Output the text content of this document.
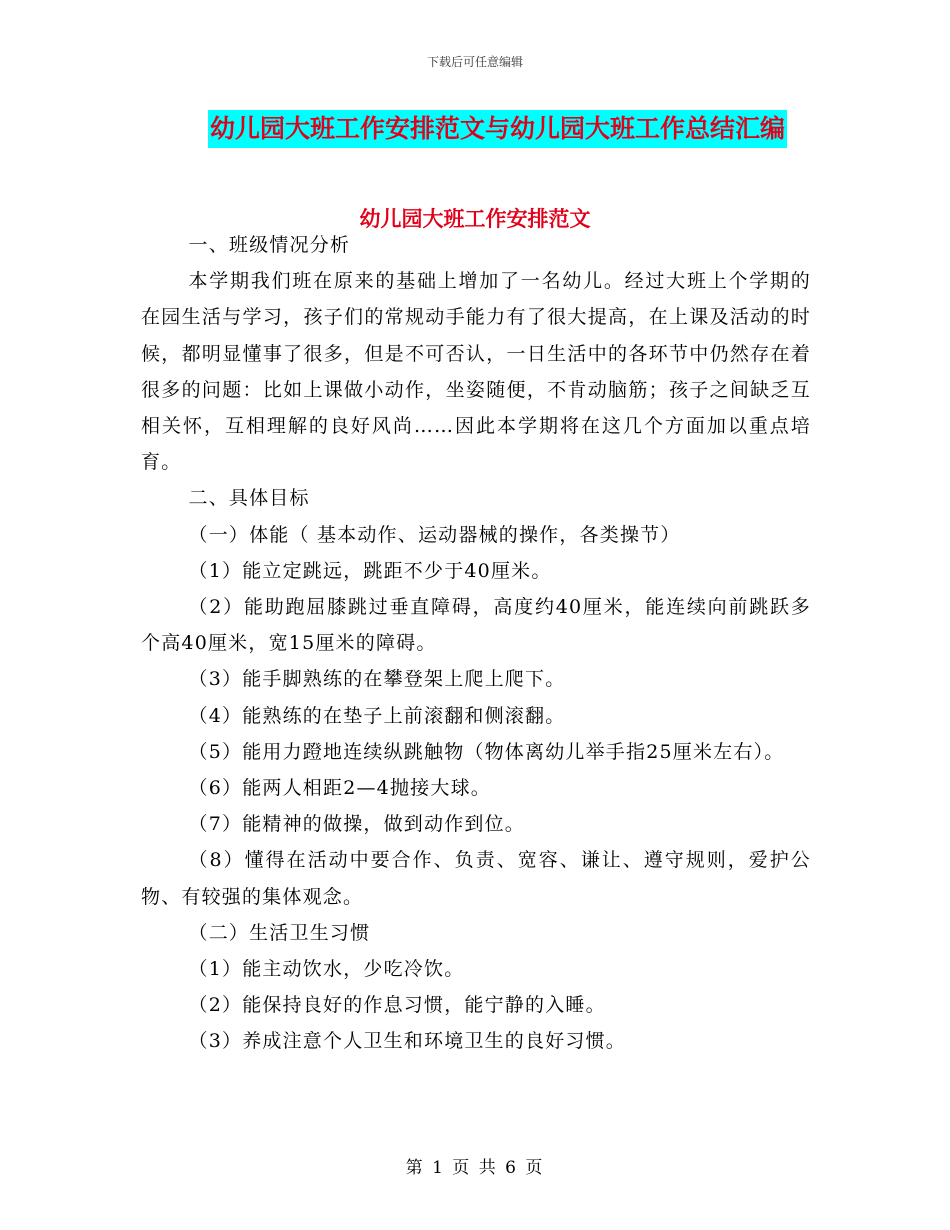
下载后可任意编辑
幼儿园大班工作安排范文与幼儿园大班工作总结汇编
幼儿园大班工作安排范文

一、班级情况分析

本学期我们班在原来的基础上增加了一名幼儿。经过大班上个学期的在园生活与学习，孩子们的常规动手能力有了很大提高，在上课及活动的时候，都明显懂事了很多，但是不可否认，一日生活中的各环节中仍然存在着很多的问题：比如上课做小动作，坐姿随便，不肯动脑筋；孩子之间缺乏互相关怀，互相理解的良好风尚……因此本学期将在这几个方面加以重点培育。

二、具体目标

（一）体能（ 基本动作、运动器械的操作，各类操节）

（1）能立定跳远，跳距不少于40厘米。

（2）能助跑屈膝跳过垂直障碍，高度约40厘米，能连续向前跳跃多个高40厘米，宽15厘米的障碍。

（3）能手脚熟练的在攀登架上爬上爬下。

（4）能熟练的在垫子上前滚翻和侧滚翻。

（5）能用力蹬地连续纵跳触物（物体离幼儿举手指25厘米左右）。

（6）能两人相距2—4抛接大球。

（7）能精神的做操，做到动作到位。

（8）懂得在活动中要合作、负责、宽容、谦让、遵守规则，爱护公物、有较强的集体观念。

（二）生活卫生习惯

（1）能主动饮水，少吃冷饮。

（2）能保持良好的作息习惯，能宁静的入睡。

（3）养成注意个人卫生和环境卫生的良好习惯。

第 1 页 共 6 页
